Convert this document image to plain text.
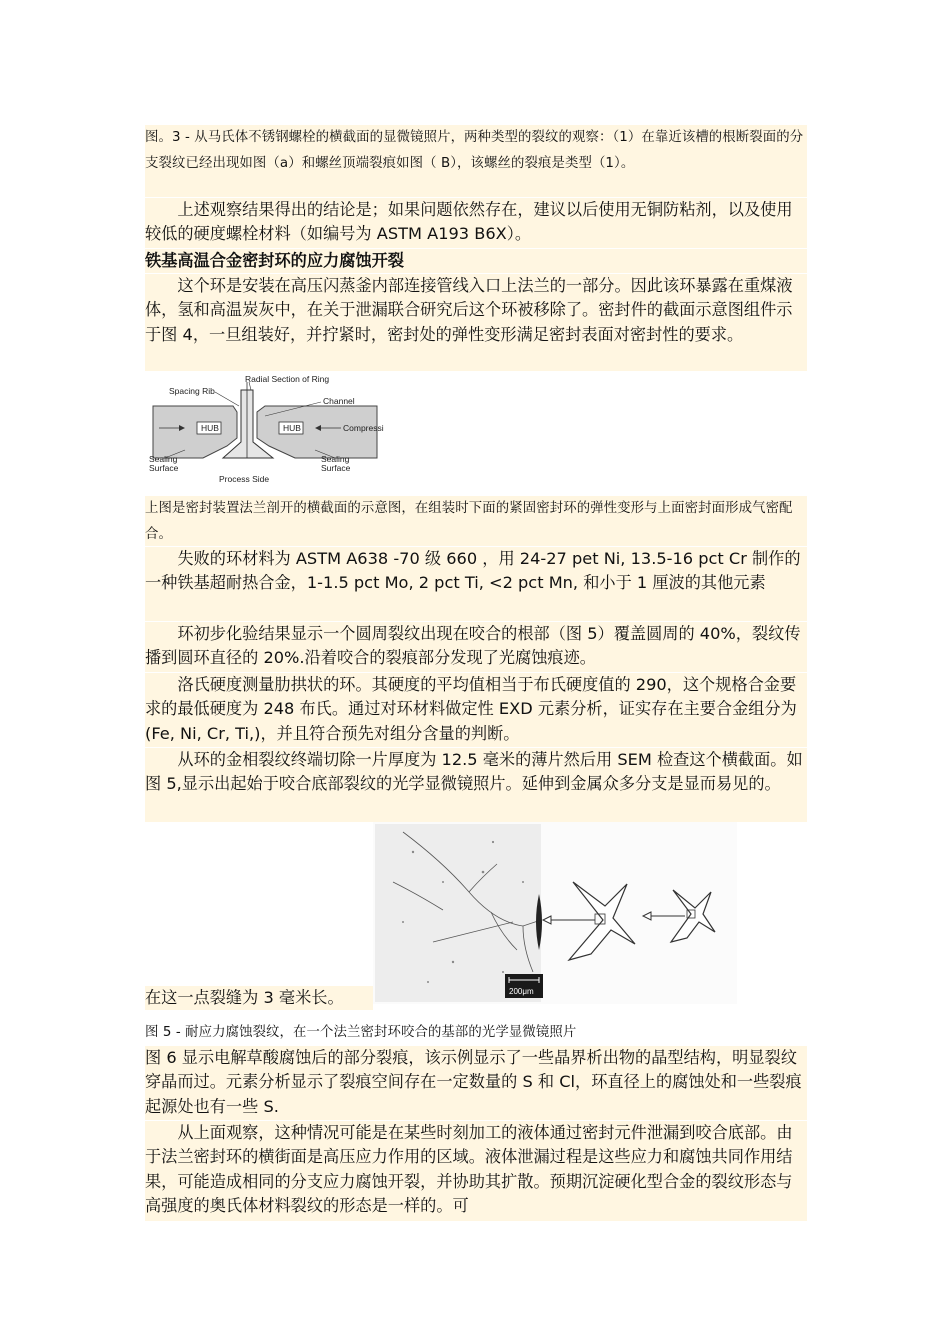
图。3 - 从马氏体不锈钢螺栓的横截面的显微镜照片，两种类型的裂纹的观察：（1）在靠近该槽的根断裂面的分支裂纹已经出现如图（a）和螺丝顶端裂痕如图（ B），该螺丝的裂痕是类型（1）。

上述观察结果得出的结论是；如果问题依然存在，建议以后使用无铜防粘剂，以及使用较低的硬度螺栓材料（如编号为 ASTM A193 B6X）。

铁基高温合金密封环的应力腐蚀开裂

这个环是安装在高压闪蒸釜内部连接管线入口上法兰的一部分。因此该环暴露在重煤液体，氢和高温炭灰中，在关于泄漏联合研究后这个环被移除了。密封件的截面示意图组件示于图 4，一旦组装好，并拧紧时，密封处的弹性变形满足密封表面对密封性的要求。

Radial Section of Ring
Spacing Rib
Channel
HUB	HUB	Compressi
Sealing
Surface
Sealing
Surface
Process Side

上图是密封装置法兰剖开的横截面的示意图，在组装时下面的紧固密封环的弹性变形与上面密封面形成气密配合。

失败的环材料为 ASTM A638 -70 级 660 ，用 24-27 pet Ni, 13.5-16 pct Cr 制作的一种铁基超耐热合金，1-1.5 pct Mo, 2 pct Ti, <2 pct Mn, 和小于 1 厘波的其他元素

环初步化验结果显示一个圆周裂纹出现在咬合的根部（图 5）覆盖圆周的 40%，裂纹传播到圆环直径的 20%.沿着咬合的裂痕部分发现了光腐蚀痕迹。

洛氏硬度测量肋拱状的环。其硬度的平均值相当于布氏硬度值的 290，这个规格合金要求的最低硬度为 248 布氏。通过对环材料做定性 EXD 元素分析，证实存在主要合金组分为(Fe, Ni, Cr, Ti,)，并且符合预先对组分含量的判断。

从环的金相裂纹终端切除一片厚度为 12.5 毫米的薄片然后用 SEM 检查这个横截面。如图 5,显示出起始于咬合底部裂纹的光学显微镜照片。延伸到金属众多分支是显而易见的。

在这一点裂缝为 3 毫米长。	200μm

图 5 - 耐应力腐蚀裂纹，在一个法兰密封环咬合的基部的光学显微镜照片

图 6 显示电解草酸腐蚀后的部分裂痕，该示例显示了一些晶界析出物的晶型结构，明显裂纹穿晶而过。元素分析显示了裂痕空间存在一定数量的 S 和 Cl，环直径上的腐蚀处和一些裂痕起源处也有一些 S.

从上面观察，这种情况可能是在某些时刻加工的液体通过密封元件泄漏到咬合底部。由于法兰密封环的横街面是高压应力作用的区域。液体泄漏过程是这些应力和腐蚀共同作用结果，可能造成相同的分支应力腐蚀开裂，并协助其扩散。预期沉淀硬化型合金的裂纹形态与高强度的奥氏体材料裂纹的形态是一样的。可
